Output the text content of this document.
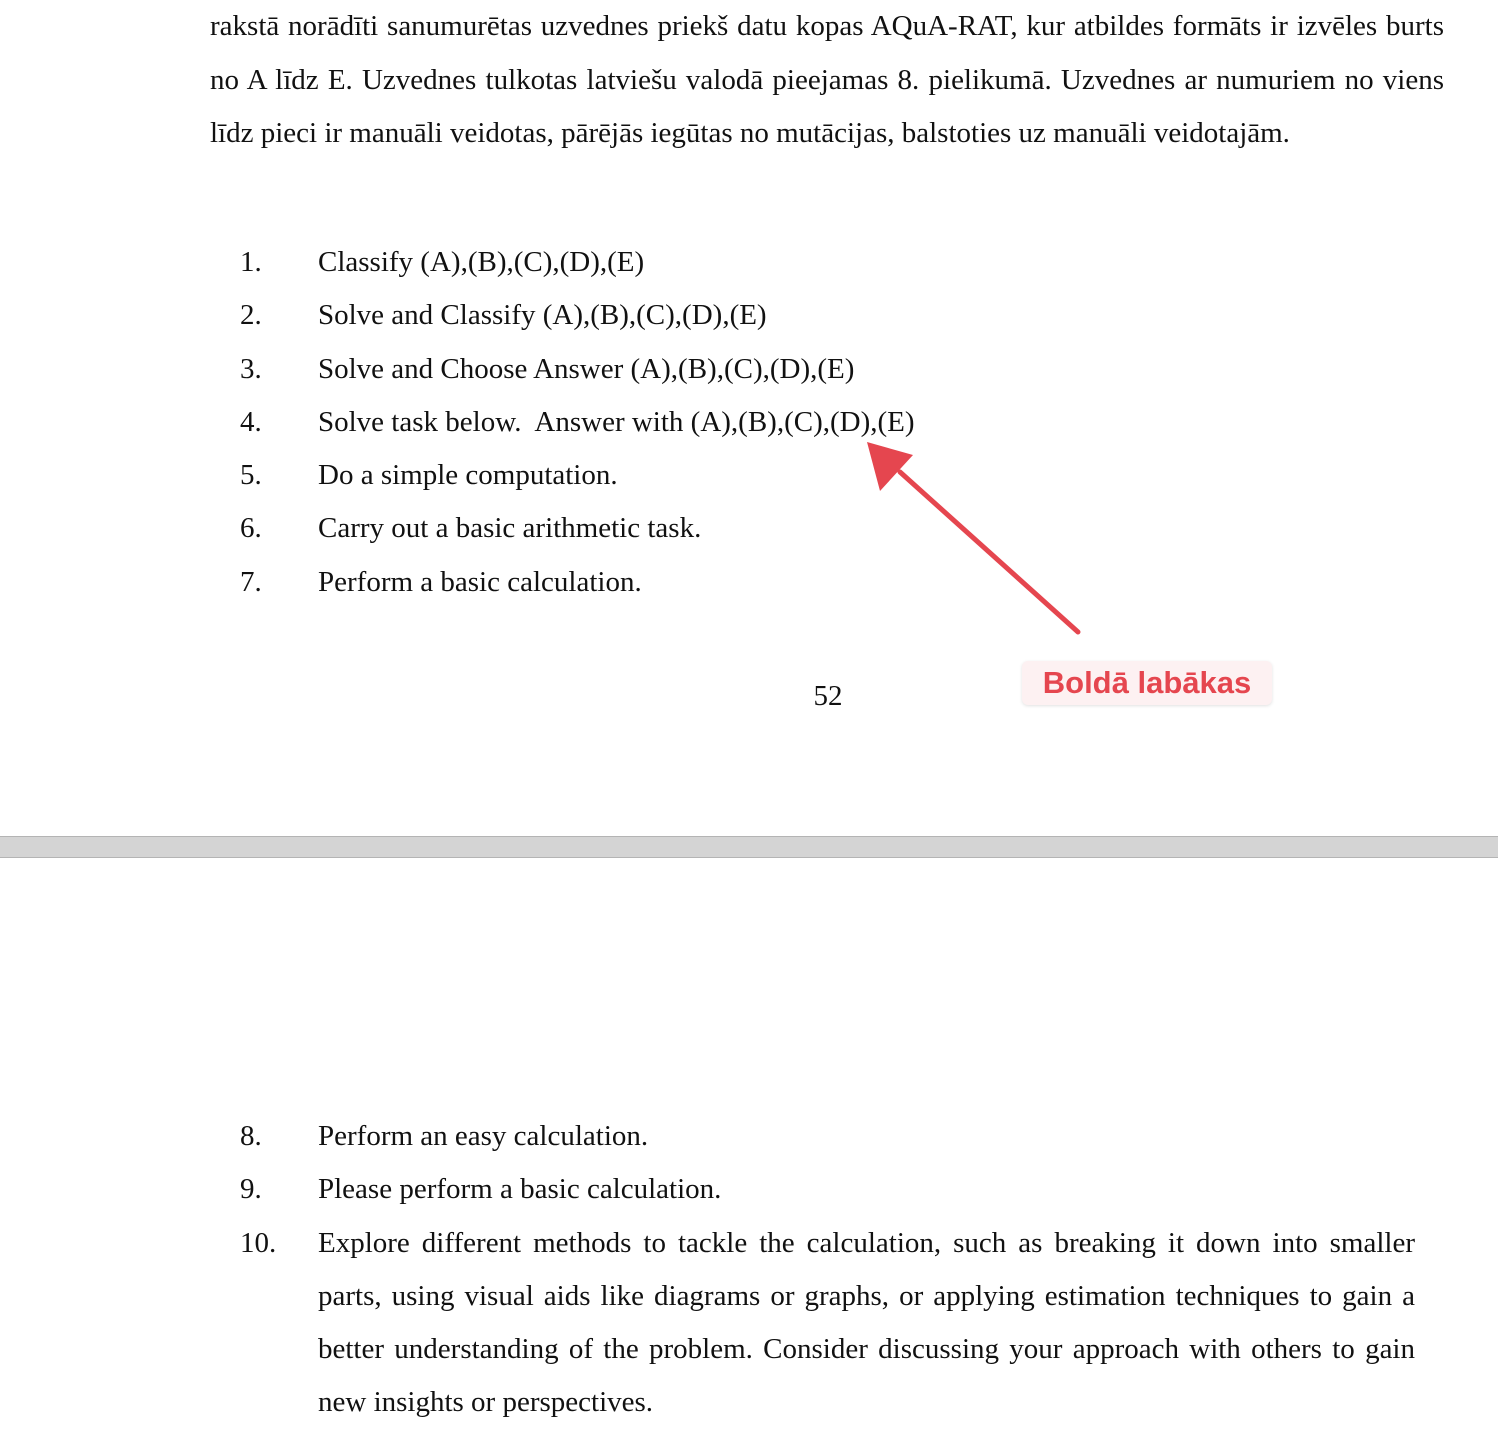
rakstā norādīti sanumurētas uzvednes priekš datu kopas AQuA-RAT, kur atbildes formāts ir izvēles burts no A līdz E. Uzvednes tulkotas latviešu valodā pieejamas 8. pielikumā. Uzvednes ar numuriem no viens līdz pieci ir manuāli veidotas, pārējās iegūtas no mutācijas, balstoties uz manuāli veidotajām.

1.	Classify (A),(B),(C),(D),(E)
2.	Solve and Classify (A),(B),(C),(D),(E)
3.	Solve and Choose Answer (A),(B),(C),(D),(E)
4.	Solve task below.  Answer with (A),(B),(C),(D),(E)
5.	Do a simple computation.
6.	Carry out a basic arithmetic task.
7.	Perform a basic calculation.
52	Boldā labākas
8.	Perform an easy calculation.
9.	Please perform a basic calculation.
10.	Explore different methods to tackle the calculation, such as breaking it down into smaller parts, using visual aids like diagrams or graphs, or applying estimation techniques to gain a better understanding of the problem. Consider discussing your approach with others to gain new insights or perspectives.
